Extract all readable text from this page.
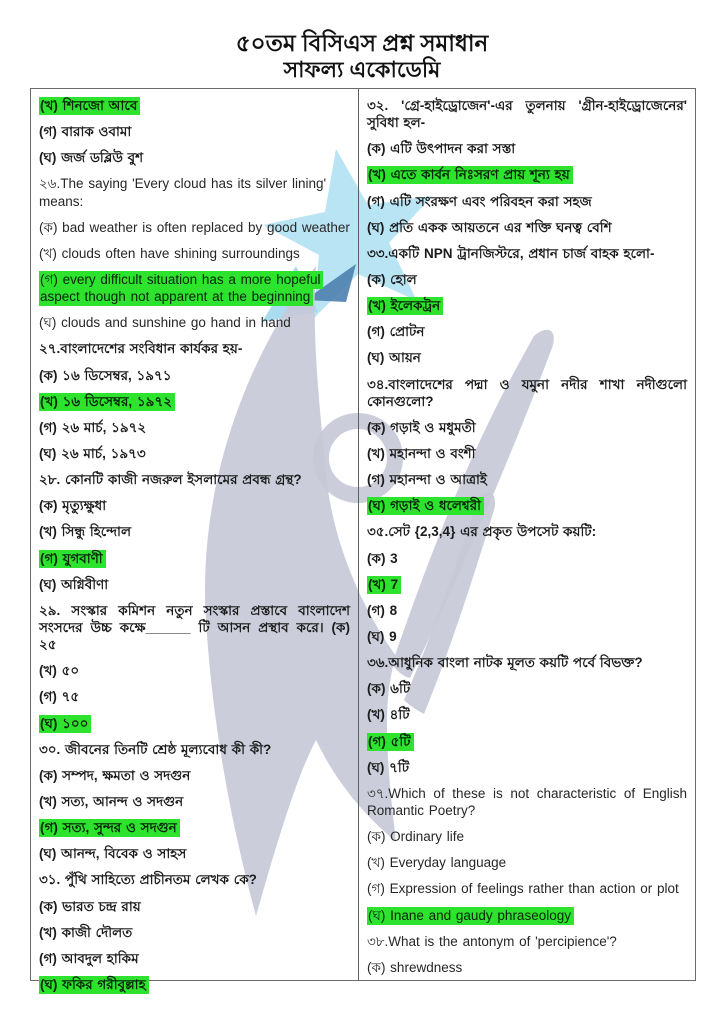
৫০তম বিসিএস প্রশ্ন সমাধান
সাফল্য একোডেমি

(খ) শিনজো আবে

(গ) বারাক ওবামা

(ঘ) জর্জ ডব্লিউ বুশ

২৬.The saying 'Every cloud has its silver lining' means:

(ক) bad weather is often replaced by good weather

(খ) clouds often have shining surroundings

(গ) every difficult situation has a more hopeful aspect though not apparent at the beginning

(ঘ) clouds and sunshine go hand in hand

২৭.বাংলাদেশের সংবিধান কার্যকর হয়-

(ক) ১৬ ডিসেম্বর, ১৯৭১

(খ) ১৬ ডিসেম্বর, ১৯৭২

(গ) ২৬ মার্চ, ১৯৭২

(ঘ) ২৬ মার্চ, ১৯৭৩

২৮. কোনটি কাজী নজরুল ইসলামের প্রবন্ধ গ্রন্থ?

(ক) মৃত্যুক্ষুধা

(খ) সিন্ধু হিন্দোল

(গ) যুগবাণী

(ঘ) অগ্নিবীণা

২৯. সংস্কার কমিশন নতুন সংস্কার প্রস্তাবে বাংলাদেশ সংসদের উচ্চ কক্ষে______ টি আসন প্রস্থাব করে। (ক) ২৫

(খ) ৫০

(গ) ৭৫

(ঘ) ১০০

৩০. জীবনের তিনটি শ্রেষ্ঠ মূল্যবোধ কী কী?

(ক) সম্পদ, ক্ষমতা ও সদগুন

(খ) সত্য, আনন্দ ও সদগুন

(গ) সত্য, সুন্দর ও সদগুন

(ঘ) আনন্দ, বিবেক ও সাহস

৩১. পুঁথি সাহিত্যে প্রাচীনতম লেখক কে?

(ক) ভারত চন্দ্র রায়

(খ) কাজী দৌলত

(গ) আবদুল হাকিম

(ঘ) ফকির গরীবুল্লাহ

৩২. 'গ্রে-হাইড্রোজেন'-এর তুলনায় 'গ্রীন-হাইড্রোজেনের' সুবিধা হল-

(ক) এটি উৎপাদন করা সস্তা

(খ) এতে কার্বন নিঃসরণ প্রায় শূন্য হয়

(গ) এটি সংরক্ষণ এবং পরিবহন করা সহজ

(ঘ) প্রতি একক আয়তনে এর শক্তি ঘনত্ব বেশি

৩৩.একটি NPN ট্রানজিস্টরে, প্রধান চার্জ বাহক হলো-

(ক) হোল

(খ) ইলেকট্রন

(গ) প্রোটন

(ঘ) আয়ন

৩৪.বাংলাদেশের পদ্মা ও যমুনা নদীর শাখা নদীগুলো কোনগুলো?

(ক) গড়াই ও মধুমতী

(খ) মহানন্দা ও বংশী

(গ) মহানন্দা ও আত্রাই

(ঘ) গড়াই ও ধলেশ্বরী

৩৫.সেট {2,3,4} এর প্রকৃত উপসেট কয়টি:

(ক) 3

(খ) 7

(গ) 8

(ঘ) 9

৩৬.আধুনিক বাংলা নাটক মূলত কয়টি পর্বে বিভক্ত?

(ক) ৬টি

(খ) ৪টি

(গ) ৫টি

(ঘ) ৭টি

৩৭.Which of these is not characteristic of English Romantic Poetry?

(ক) Ordinary life

(খ) Everyday language

(গ) Expression of feelings rather than action or plot

(ঘ) Inane and gaudy phraseology

৩৮.What is the antonym of 'percipience'?

(ক) shrewdness
